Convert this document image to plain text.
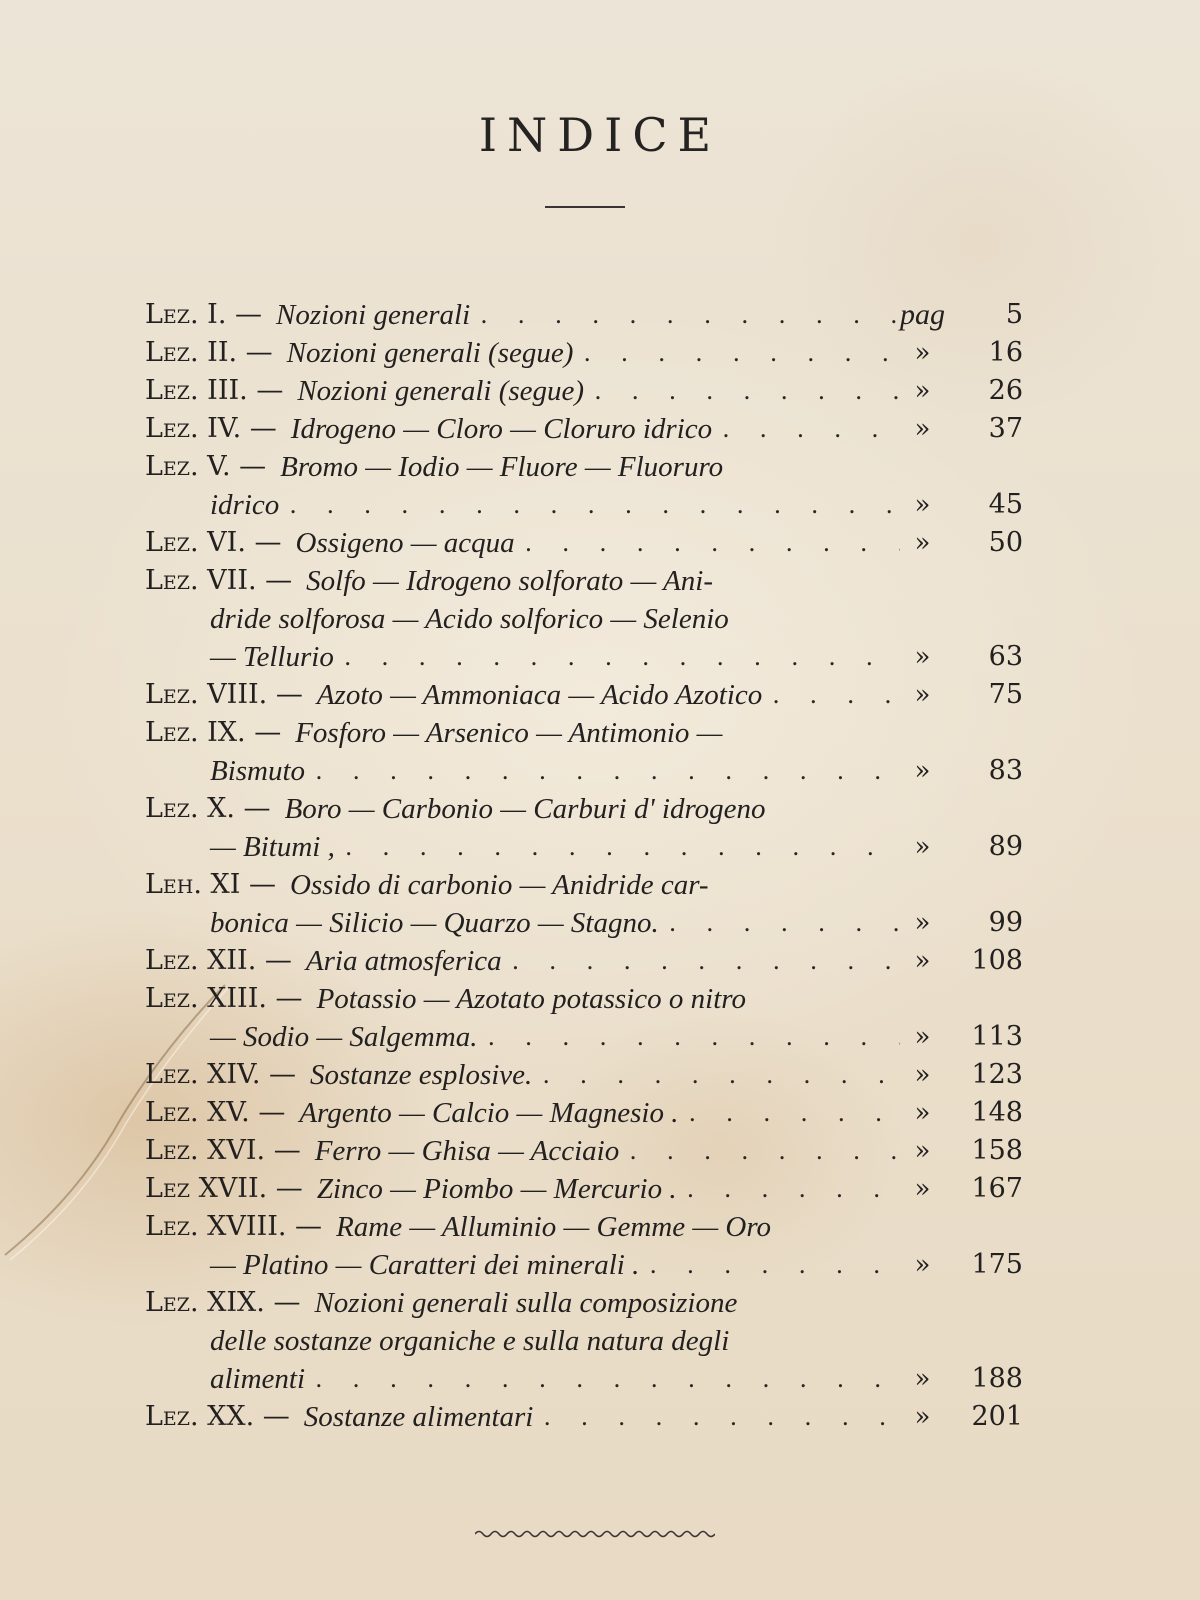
INDICE
Lez. I. — Nozioni generali . . .	pag	5
Lez. II. — Nozioni generali (segue) . . .	»	16
Lez. III. — Nozioni generali (segue) . . .	»	26
Lez. IV. — Idrogeno — Cloro — Cloruro idrico . . .	»	37
Lez. V. — Bromo — Iodio — Fluore — Fluoruro
idrico . . .	»	45
Lez. VI. — Ossigeno — acqua . . .	»	50
Lez. VII. — Solfo — Idrogeno solforato — Ani-
dride solforosa — Acido solforico — Selenio
— Tellurio . . .	»	63
Lez. VIII. — Azoto — Ammoniaca — Acido Azotico . . .	»	75
Lez. IX. — Fosforo — Arsenico — Antimonio —
Bismuto . . .	»	83
Lez. X. — Boro — Carbonio — Carburi d' idrogeno
— Bitumi , . . .	»	89
Leh. XI — Ossido di carbonio — Anidride car-
bonica — Silicio — Quarzo — Stagno. . . .	»	99
Lez. XII. — Aria atmosferica . . .	»	108
Lez. XIII. — Potassio — Azotato potassico o nitro
— Sodio — Salgemma. . . .	»	113
Lez. XIV. — Sostanze esplosive. . . .	»	123
Lez. XV. — Argento — Calcio — Magnesio . . . .	»	148
Lez. XVI. — Ferro — Ghisa — Acciaio . . .	»	158
Lez XVII. — Zinco — Piombo — Mercurio . . . .	»	167
Lez. XVIII. — Rame — Alluminio — Gemme — Oro
— Platino — Caratteri dei minerali . . . .	»	175
Lez. XIX. — Nozioni generali sulla composizione
delle sostanze organiche e sulla natura degli
alimenti . . .	»	188
Lez. XX. — Sostanze alimentari . . .	»	201
